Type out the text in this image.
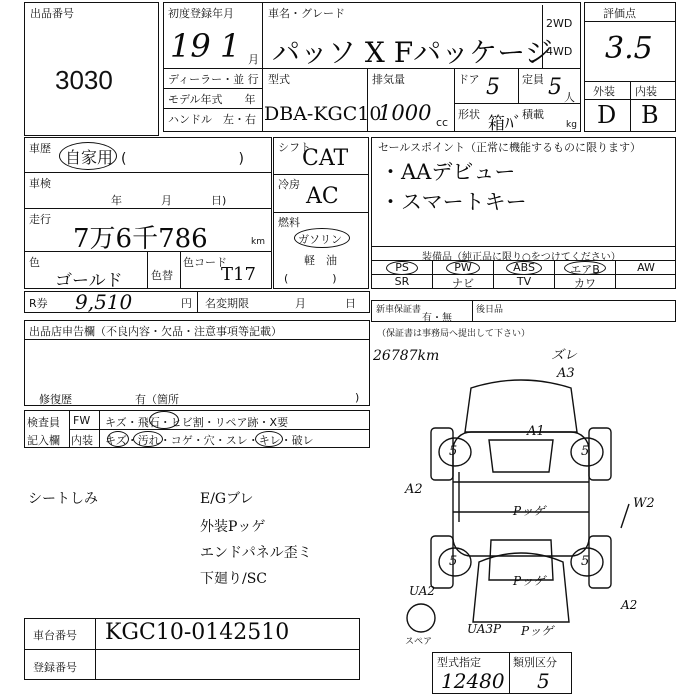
出品番号
3030
初度登録年月
19 1 月
ディーラー・並 行
モデル年式　　年
ハンドル　左・右
車名・グレード
パッソ X Fパッケージ
2WD
4WD
型式
DBA-KGC10
排気量
1000 cc
ドア 5 定員 5 人
形状 箱ﾊﾞ 積載
kg
評価点
3.5
外装 内装
D B
車歴 自家用 (　　　　　　　　)
車検
年	月	日)
走行
7万6千786	km
色
ゴールド	色替
色コード
T17
シフト
CAT
冷房 AC
燃料
ガソリン
軽　油
(　　　　)
セールスポイント（正常に機能するものに限ります）
・AAデビュー
・スマートキー
装備品（純正品に限り○をつけてください）
PS	PW	ABS	エアB	AW
SR	ナビ	TV	カワ
R券 9,510	円 名変期限	月	日 新車保証書
有・無
後日品
出品店申告欄（不良内容・欠品・注意事項等記載）
修復歴	有（箇所	)
検査員
記入欄
FW キズ・飛石・ヒビ割・リペア跡・X要
内装 キズ・汚れ・コゲ・穴・スレ・キレ・破レ
シートしみ	E/Gブレ
外装Pッゲ
エンドパネル歪ミ
下廻り/SC
車台番号 KGC10-0142510
登録番号
（保証書は事務局へ提出して下さい）
26787km	ズレ
A3
A1
Pッゲ
Pッゲ
A2
W2
5	5
5	5
UA2
A2
UA3P Pッゲ
スペア
型式指定
12480
類別区分
5
